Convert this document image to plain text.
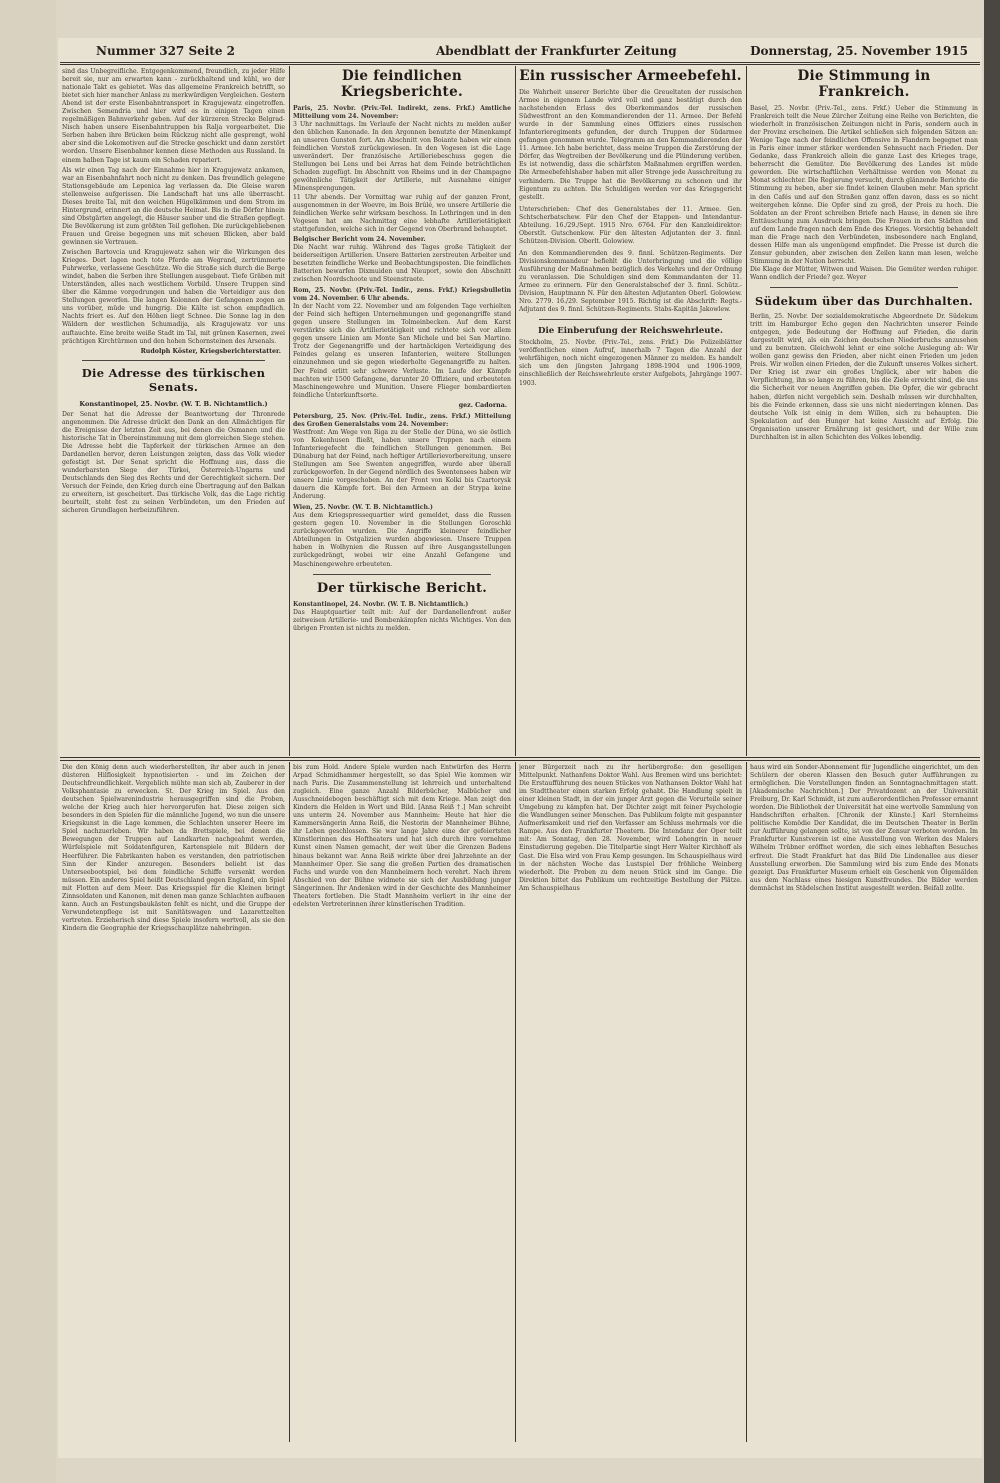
Nummer 327 Seite 2	Abendblatt der Frankfurter Zeitung	Donnerstag, 25. November 1915

sind das Unbegreifliche. Entgegenkommend, freundlich, zu jeder Hilfe bereit sie, nur am erwarten kann - zurückhaltend und kühl, wo der nationale Takt es gebietet. Was das allgemeine Frankreich betrifft, so bietet sich hier mancher Anlass zu merkwürdigen Vergleichen. Gestern Abend ist der erste Eisenbahntransport in Kragujewatz eingetroffen. Zwischen Semendria und hier wird es in einigen Tagen einen regelmäßigen Bahnverkehr geben. Auf der kürzeren Strecke Belgrad-Nisch haben unsere Eisenbahntruppen bis Ralja vorgearbeitet. Die Serben haben ihre Brücken beim Rückzug nicht alle gesprengt, wohl aber sind die Lokomotiven auf die Strecke geschickt und dann zerstört worden. Unsere Eisenbahner kennen diese Methoden aus Russland. In einem halben Tage ist kaum ein Schaden repariert.

Als wir einen Tag nach der Einnahme hier in Kragujewatz ankamen, war an Eisenbahnfahrt noch nicht zu denken. Das freundlich gelegene Stationsgebäude am Lepenica lag verlassen da. Die Gleise waren stellenweise aufgerissen. Die Landschaft hat uns alle überrascht. Dieses breite Tal, mit den weichen Hügelkämmen und dem Strom im Hintergrund, erinnert an die deutsche Heimat. Bis in die Dörfer hinein sind Obstgärten angelegt, die Häuser sauber und die Straßen gepflegt. Die Bevölkerung ist zum größten Teil geflohen. Die zurückgebliebenen Frauen und Greise begegnen uns mit scheuen Blicken, aber bald gewinnen sie Vertrauen.

Zwischen Bartovcia und Kragujewatz sahen wir die Wirkungen des Krieges. Dort lagen noch tote Pferde am Wegrand, zertrümmerte Fuhrwerke, verlassene Geschütze. Wo die Straße sich durch die Berge windet, haben die Serben ihre Stellungen ausgebaut. Tiefe Gräben mit Unterständen, alles nach westlichem Vorbild. Unsere Truppen sind über die Kämme vorgedrungen und haben die Verteidiger aus den Stellungen geworfen. Die langen Kolonnen der Gefangenen zogen an uns vorüber, müde und hungrig. Die Kälte ist schon empfindlich. Nachts friert es. Auf den Höhen liegt Schnee. Die Sonne lag in den Wäldern der westlichen Schumadija, als Kragujewatz vor uns auftauchte. Eine breite weiße Stadt im Tal, mit grünen Kasernen, zwei prächtigen Kirchtürmen und den hohen Schornsteinen des Arsenals.

Rudolph Köster, Kriegsberichterstatter.
Die Adresse des türkischen Senats.
Konstantinopel, 25. Novbr. (W. T. B. Nichtamtlich.)

Der Senat hat die Adresse der Beantwortung der Thronrede angenommen. Die Adresse drückt den Dank an den Allmächtigen für die Ereignisse der letzten Zeit aus, bei denen die Osmanen und die historische Tat in Übereinstimmung mit dem glorreichen Siege stehen. Die Adresse hebt die Tapferkeit der türkischen Armee an den Dardanellen hervor, deren Leistungen zeigten, dass das Volk wieder gefestigt ist. Der Senat spricht die Hoffnung aus, dass die wunderbarsten Siege der Türkei, Österreich-Ungarns und Deutschlands den Sieg des Rechts und der Gerechtigkeit sichern. Der Versuch der Feinde, den Krieg durch eine Übertragung auf den Balkan zu erweitern, ist gescheitert. Das türkische Volk, das die Lage richtig beurteilt, steht fest zu seinen Verbündeten, um den Frieden auf sicheren Grundlagen herbeizuführen.

Die feindlichen Kriegsberichte.

Paris, 25. Novbr. (Priv.-Tel. Indirekt, zens. Frkf.) Amtliche Mitteilung vom 24. November:

3 Uhr nachmittags. Im Verlaufe der Nacht nichts zu melden außer den üblichen Kanonade. In den Argonnen benutzte der Minenkampf an unseren Gunsten fort. Am Abschnitt von Boiante haben wir einen feindlichen Vorstoß zurückgewiesen. In den Vogesen ist die Lage unverändert. Der französische Artilleriebeschuss gegen die Stellungen bei Lens und bei Arras hat dem Feinde beträchtlichen Schaden zugefügt. Im Abschnitt von Rheims und in der Champagne gewöhnliche Tätigkeit der Artillerie, mit Ausnahme einiger Minensprengungen.

11 Uhr abends. Der Vormittag war ruhig auf der ganzen Front, ausgenommen in der Woevre, im Bois Brûlé, wo unsere Artillerie die feindlichen Werke sehr wirksam beschoss. In Lothringen und in den Vogesen hat am Nachmittag eine lebhafte Artillerietätigkeit stattgefunden, welche sich in der Gegend von Oberbrand behauptet.

Belgischer Bericht vom 24. November.

Die Nacht war ruhig. Während des Tages große Tätigkeit der beiderseitigen Artillerien. Unsere Batterien zerstreuten Arbeiter und besetzten feindliche Werke und Beobachtungsposten. Die feindlichen Batterien bewarfen Dixmuiden und Nieuport, sowie den Abschnitt zwischen Noordschoote und Steenstraete.

Rom, 25. Novbr. (Priv.-Tel. Indir., zens. Frkf.) Kriegsbulletin vom 24. November. 6 Uhr abends.

In der Nacht vom 22. November und am folgenden Tage verhielten der Feind sich heftigen Unternehmungen und gegenangriffe stand gegen unsere Stellungen im Tolmeinbecken. Auf dem Karst verstärkte sich die Artillerietätigkeit und richtete sich vor allem gegen unsere Linien am Monte San Michele und bei San Martino. Trotz der Gegenangriffe und der hartnäckigen Verteidigung des Feindes gelang es unseren Infanterien, weitere Stellungen einzunehmen und sie gegen wiederholte Gegenangriffe zu halten. Der Feind erlitt sehr schwere Verluste. Im Laufe der Kämpfe machten wir 1500 Gefangene, darunter 20 Offiziere, und erbeuteten Maschinengewehre und Munition. Unsere Flieger bombardierten feindliche Unterkunftsorte.

gez. Cadorna.

Petersburg, 25. Nov. (Priv.-Tel. Indir., zens. Frkf.) Mitteilung des Großen Generalstabs vom 24. November:

Westfront: Am Wege von Riga zu der Stelle der Düna, wo sie östlich von Kokenhusen fließt, haben unsere Truppen nach einem Infanteriegefecht die feindlichen Stellungen genommen. Bei Dünaburg hat der Feind, nach heftiger Artillerievorbereitung, unsere Stellungen am See Swenten angegriffen, wurde aber überall zurückgeworfen. In der Gegend nördlich des Swentensees haben wir unsere Linie vorgeschoben. An der Front von Kolki bis Czartorysk dauern die Kämpfe fort. Bei den Armeen an der Strypa keine Änderung.

Wien, 25. Novbr. (W. T. B. Nichtamtlich.)

Aus dem Kriegspressequartier wird gemeldet, dass die Russen gestern gegen 10. November in die Stellungen Goroschki zurückgeworfen wurden. Die Angriffe kleinerer feindlicher Abteilungen in Ostgalizien wurden abgewiesen. Unsere Truppen haben in Wolhynien die Russen auf ihre Ausgangsstellungen zurückgedrängt, wobei wir eine Anzahl Gefangene und Maschinengewehre erbeuteten.

Der türkische Bericht.

Konstantinopel, 24. Novbr. (W. T. B. Nichtamtlich.)

Das Hauptquartier teilt mit: Auf der Dardanellenfront außer zeitweisen Artillerie- und Bombenkämpfen nichts Wichtiges. Von den übrigen Fronten ist nichts zu melden.

Ein russischer Armeebefehl.

Die Wahrheit unserer Berichte über die Greueltaten der russischen Armee in eigenem Lande wird voll und ganz bestätigt durch den nachstehenden Erlass des Oberkommandos der russischen Südwestfront an den Kommandierenden der 11. Armee. Der Befehl wurde in der Sammlung eines Offiziers eines russischen Infanterieregiments gefunden, der durch Truppen der Südarmee gefangen genommen wurde. Telegramm an den Kommandierenden der 11. Armee. Ich habe berichtet, dass meine Truppen die Zerstörung der Dörfer, das Wegtreiben der Bevölkerung und die Plünderung verüben. Es ist notwendig, dass die schärfsten Maßnahmen ergriffen werden. Die Armeebefehlshaber haben mit aller Strenge jede Ausschreitung zu verhindern. Die Truppe hat die Bevölkerung zu schonen und ihr Eigentum zu achten. Die Schuldigen werden vor das Kriegsgericht gestellt.

Unterschrieben: Chef des Generalstabes der 11. Armee. Gen. Schtscherbatschew. Für den Chef der Etappen- und Intendantur-Abteilung. 16./29./Sept. 1915 Nro. 6764. Für den Kanzleidirektor: Oberstlt. Gutschenkow. Für den ältesten Adjutanten der 3. finnl. Schützen-Division. Oberlt. Golowiew.

An den Kommandierenden des 9. finnl. Schützen-Regiments. Der Divisionskommandeur befiehlt die Unterbringung und die völlige Ausführung der Maßnahmen bezüglich des Verkehrs und der Ordnung zu veranlassen. Die Schuldigen sind dem Kommandanten der 11. Armee zu erinnern. Für den Generalstabschef der 3. finnl. Schütz.-Division, Hauptmann N. Für den ältesten Adjutanten Oberl. Golowiew. Nro. 2779. 16./29. September 1915. Richtig ist die Abschrift: Regts.-Adjutant des 9. finnl. Schützen-Regiments. Stabs-Kapitän Jakowlew.

Die Einberufung der Reichswehrleute.

Stockholm, 25. Novbr. (Priv.-Tel., zens. Frkf.) Die Polizeiblätter veröffentlichen einen Aufruf, innerhalb 7 Tagen die Anzahl der wehrfähigen, noch nicht eingezogenen Männer zu melden. Es handelt sich um den jüngsten Jahrgang 1898-1904 und 1906-1909, einschließlich der Reichswehrleute erster Aufgebots, Jahrgänge 1907-1903.

Die Stimmung in Frankreich.

Basel, 25. Novbr. (Priv.-Tel., zens. Frkf.) Ueber die Stimmung in Frankreich teilt die Neue Zürcher Zeitung eine Reihe von Berichten, die wiederholt in französischen Zeitungen nicht in Paris, sondern auch in der Provinz erscheinen. Die Artikel schließen sich folgenden Sätzen an: Wenige Tage nach der feindlichen Offensive in Flandern begegnet man in Paris einer immer stärker werdenden Sehnsucht nach Frieden. Der Gedanke, dass Frankreich allein die ganze Last des Krieges trage, beherrscht die Gemüter. Die Bevölkerung des Landes ist müde geworden. Die wirtschaftlichen Verhältnisse werden von Monat zu Monat schlechter. Die Regierung versucht, durch glänzende Berichte die Stimmung zu heben, aber sie findet keinen Glauben mehr. Man spricht in den Cafés und auf den Straßen ganz offen davon, dass es so nicht weitergehen könne. Die Opfer sind zu groß, der Preis zu hoch. Die Soldaten an der Front schreiben Briefe nach Hause, in denen sie ihre Enttäuschung zum Ausdruck bringen. Die Frauen in den Städten und auf dem Lande fragen nach dem Ende des Krieges. Vorsichtig behandelt man die Frage nach den Verbündeten, insbesondere nach England, dessen Hilfe man als ungenügend empfindet. Die Presse ist durch die Zensur gebunden, aber zwischen den Zeilen kann man lesen, welche Stimmung in der Nation herrscht.

Die Klage der Mütter, Witwen und Waisen. Die Gemüter werden ruhiger. Wann endlich der Friede? gez. Weyer

Südekum über das Durchhalten.

Berlin, 25. Novbr. Der sozialdemokratische Abgeordnete Dr. Südekum tritt im Hamburger Echo gegen den Nachrichten unserer Feinde entgegen, jede Bedeutung der Hoffnung auf Frieden, die darin dargestellt wird, als ein Zeichen deutschen Niederbruchs anzusehen und zu benutzen. Gleichwohl lehnt er eine solche Auslegung ab: Wir wollen ganz gewiss den Frieden, aber nicht einen Frieden um jeden Preis. Wir wollen einen Frieden, der die Zukunft unseres Volkes sichert. Der Krieg ist zwar ein großes Unglück, aber wir haben die Verpflichtung, ihn so lange zu führen, bis die Ziele erreicht sind, die uns die Sicherheit vor neuen Angriffen geben. Die Opfer, die wir gebracht haben, dürfen nicht vergeblich sein. Deshalb müssen wir durchhalten, bis die Feinde erkennen, dass sie uns nicht niederringen können. Das deutsche Volk ist einig in dem Willen, sich zu behaupten. Die Spekulation auf den Hunger hat keine Aussicht auf Erfolg. Die Organisation unserer Ernährung ist gesichert, und der Wille zum Durchhalten ist in allen Schichten des Volkes lebendig.

Die den König denn auch wiederherstellten, ihr aber auch in jenen düsteren Hilflosigkeit hypnotisierten - und im Zeichen der Deutschfreundlichkeit. Vergeblich mühte man sich ab, Zauberer in der Volksphantasie zu erwecken. St. Der Krieg im Spiel. Aus den deutschen Spielwarenindustrie herausgegriffen sind die Proben, welche der Krieg auch hier hervorgerufen hat. Diese zeigen sich besonders in den Spielen für die männliche Jugend, wo nun die unsere Kriegskunst in die Lage kommen, die Schlachten unserer Heere im Spiel nachzuerleben. Wir haben da Brettspiele, bei denen die Bewegungen der Truppen auf Landkarten nachgeahmt werden, Würfelspiele mit Soldatenfiguren, Kartenspiele mit Bildern der Heerführer. Die Fabrikanten haben es verstanden, den patriotischen Sinn der Kinder anzuregen. Besonders beliebt ist das Unterseebootspiel, bei dem feindliche Schiffe versenkt werden müssen. Ein anderes Spiel heißt Deutschland gegen England, ein Spiel mit Flotten auf dem Meer. Das Kriegsspiel für die Kleinen bringt Zinnsoldaten und Kanonen, mit denen man ganze Schlachten aufbauen kann. Auch an Festungsbaukästen fehlt es nicht, und die Gruppe der Verwundetenpflege ist mit Sanitätswagen und Lazarettzelten vertreten. Erzieherisch sind diese Spiele insofern wertvoll, als sie den Kindern die Geographie der Kriegsschauplätze nahebringen.

bis zum Hold. Andere Spiele wurden nach Entwürfen des Herrn Arpad Schmidhammer hergestellt, so das Spiel Wie kommen wir nach Paris. Die Zusammenstellung ist lehrreich und unterhaltend zugleich. Eine ganze Anzahl Bilderbücher, Malbücher und Ausschneidebogen beschäftigt sich mit dem Kriege. Man zeigt den Kindern die Helden in Wort und Bild. [Anna Reiß †.] Man schreibt uns unterm 24. November aus Mannheim: Heute hat hier die Kammersängerin Anna Reiß, die Nestorin der Mannheimer Bühne, ihr Leben geschlossen. Sie war lange Jahre eine der gefeiertsten Künstlerinnen des Hoftheaters und hat sich durch ihre vornehme Kunst einen Namen gemacht, der weit über die Grenzen Badens hinaus bekannt war. Anna Reiß wirkte über drei Jahrzehnte an der Mannheimer Oper. Sie sang die großen Partien des dramatischen Fachs und wurde von den Mannheimern hoch verehrt. Nach ihrem Abschied von der Bühne widmete sie sich der Ausbildung junger Sängerinnen. Ihr Andenken wird in der Geschichte des Mannheimer Theaters fortleben. Die Stadt Mannheim verliert in ihr eine der edelsten Vertreterinnen ihrer künstlerischen Tradition.

jener Bürgerzeit nach zu ihr herübergroße: den geselligen Mittelpunkt. Nathanfens Doktor Wahl. Aus Bremen wird uns berichtet: Die Erstaufführung des neuen Stückes von Nathansen Doktor Wahl hat im Stadttheater einen starken Erfolg gehabt. Die Handlung spielt in einer kleinen Stadt, in der ein junger Arzt gegen die Vorurteile seiner Umgebung zu kämpfen hat. Der Dichter zeigt mit feiner Psychologie die Wandlungen seiner Menschen. Das Publikum folgte mit gespannter Aufmerksamkeit und rief den Verfasser am Schluss mehrmals vor die Rampe. Aus den Frankfurter Theatern. Die Intendanz der Oper teilt mit: Am Sonntag, den 28. November, wird Lohengrin in neuer Einstudierung gegeben. Die Titelpartie singt Herr Walter Kirchhoff als Gast. Die Elsa wird von Frau Kemp gesungen. Im Schauspielhaus wird in der nächsten Woche das Lustspiel Der fröhliche Weinberg wiederholt. Die Proben zu dem neuen Stück sind im Gange. Die Direktion bittet das Publikum um rechtzeitige Bestellung der Plätze. Am Schauspielhaus

haus wird ein Sonder-Abonnement für Jugendliche eingerichtet, um den Schülern der oberen Klassen den Besuch guter Aufführungen zu ermöglichen. Die Vorstellungen finden an Sonntagnachmittagen statt. [Akademische Nachrichten.] Der Privatdozent an der Universität Freiburg, Dr. Karl Schmidt, ist zum außerordentlichen Professor ernannt worden. Die Bibliothek der Universität hat eine wertvolle Sammlung von Handschriften erhalten. [Chronik der Künste.] Karl Sternheims politische Komödie Der Kandidat, die im Deutschen Theater in Berlin zur Aufführung gelangen sollte, ist von der Zensur verboten worden. Im Frankfurter Kunstverein ist eine Ausstellung von Werken des Malers Wilhelm Trübner eröffnet worden, die sich eines lebhaften Besuches erfreut. Die Stadt Frankfurt hat das Bild Die Lindenallee aus dieser Ausstellung erworben. Die Sammlung wird bis zum Ende des Monats gezeigt. Das Frankfurter Museum erhielt ein Geschenk von Ölgemälden aus dem Nachlass eines hiesigen Kunstfreundes. Die Bilder werden demnächst im Städelschen Institut ausgestellt werden. Beifall zollte.
